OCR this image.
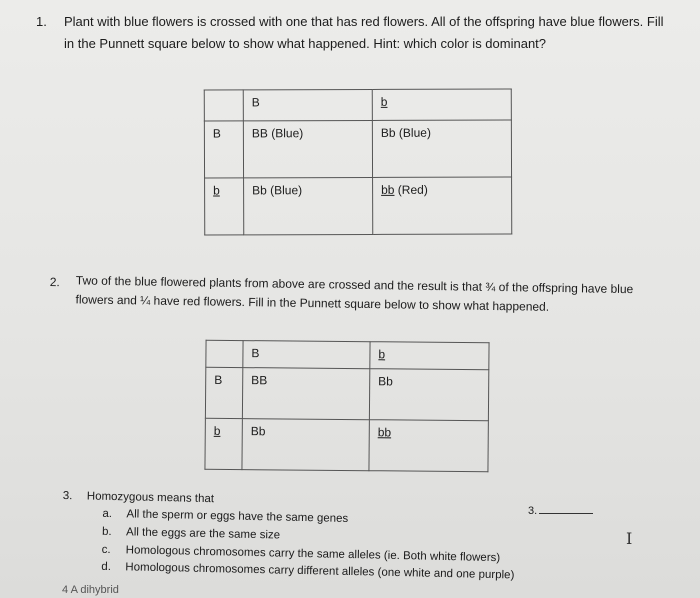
1. Plant with blue flowers is crossed with one that has red flowers. All of the offspring have blue flowers. Fill in the Punnett square below to show what happened. Hint: which color is dominant?
	B	b
B	BB (Blue)	Bb (Blue)
b	Bb (Blue)	bb (Red)
2. Two of the blue flowered plants from above are crossed and the result is that ¾ of the offspring have blue flowers and ¼ have red flowers. Fill in the Punnett square below to show what happened.
	B	b
B	BB	Bb
b	Bb	bb
3. Homozygous means that
a. All the sperm or eggs have the same genes
b. All the eggs are the same size
c. Homologous chromosomes carry the same alleles (ie. Both white flowers)
d. Homologous chromosomes carry different alleles (one white and one purple)
3.
I
4 A dihybrid
